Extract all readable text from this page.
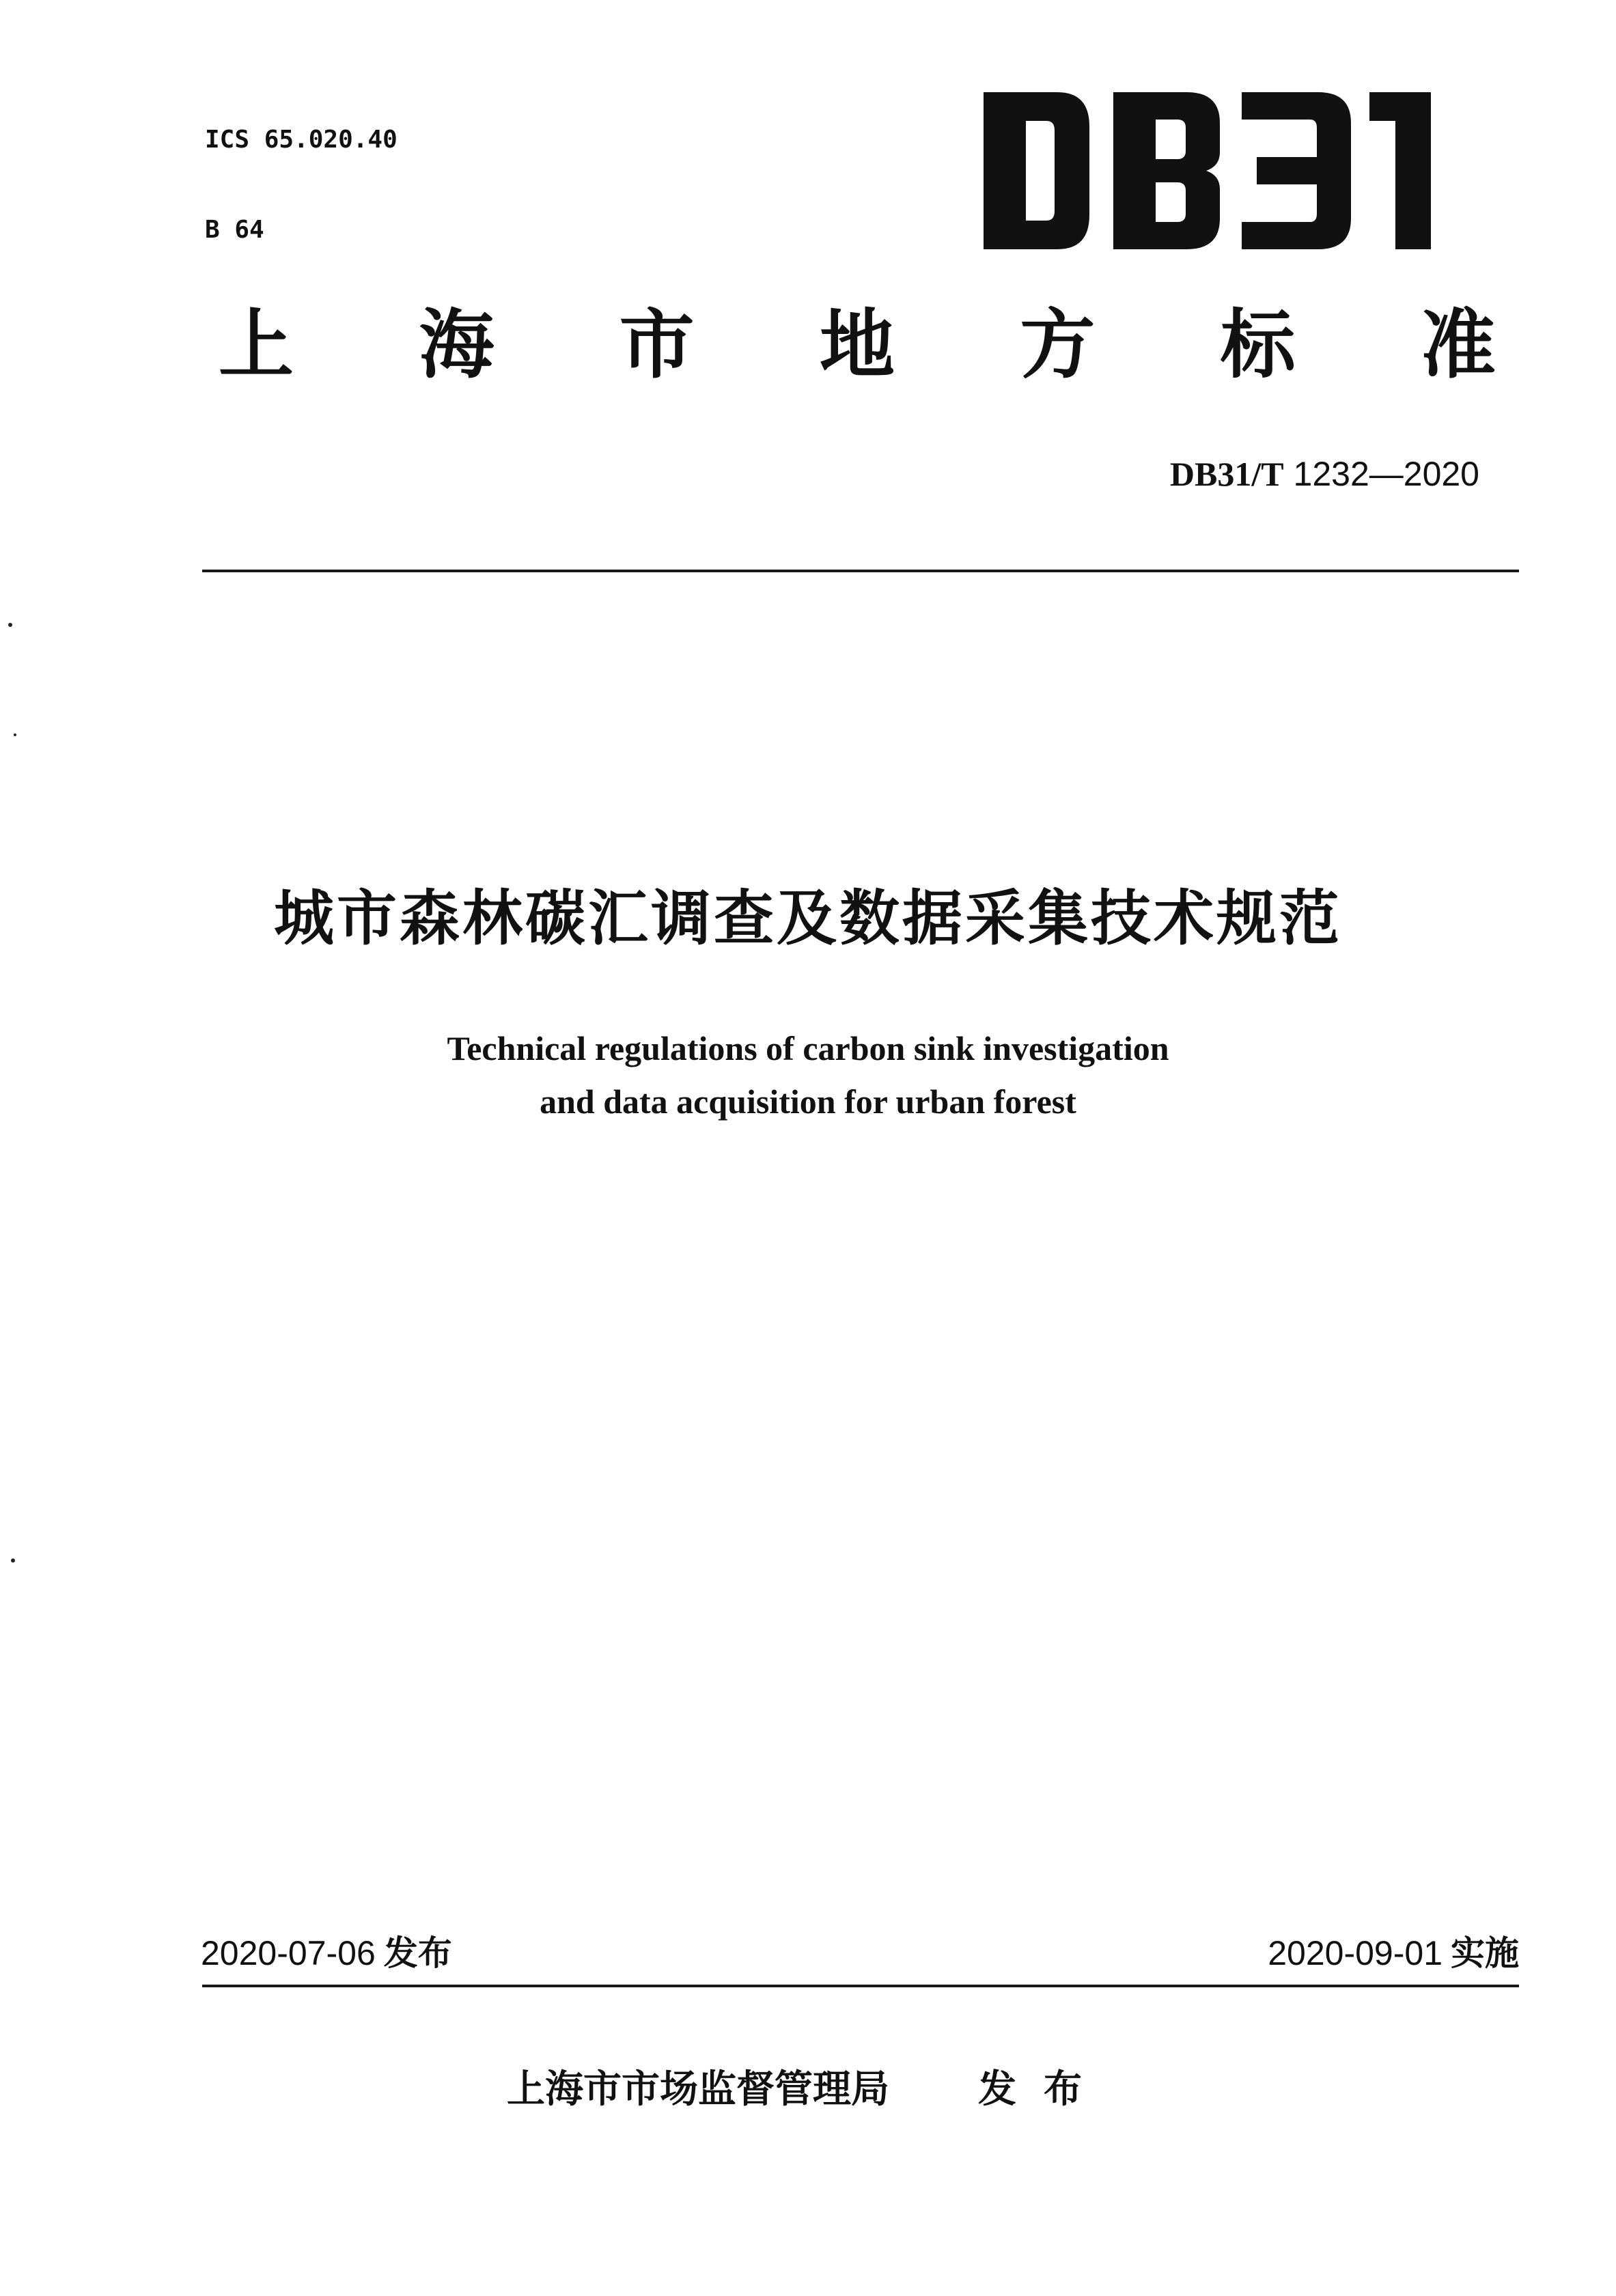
ICS 65.020.40

B 64

上 海 市 地 方 标 准
DB31/T 1232—2020
城市森林碳汇调查及数据采集技术规范
Technical regulations of carbon sink investigation
and data acquisition for urban forest
2020-07-06 发布	2020-09-01 实施
上海市市场监督管理局 发布
